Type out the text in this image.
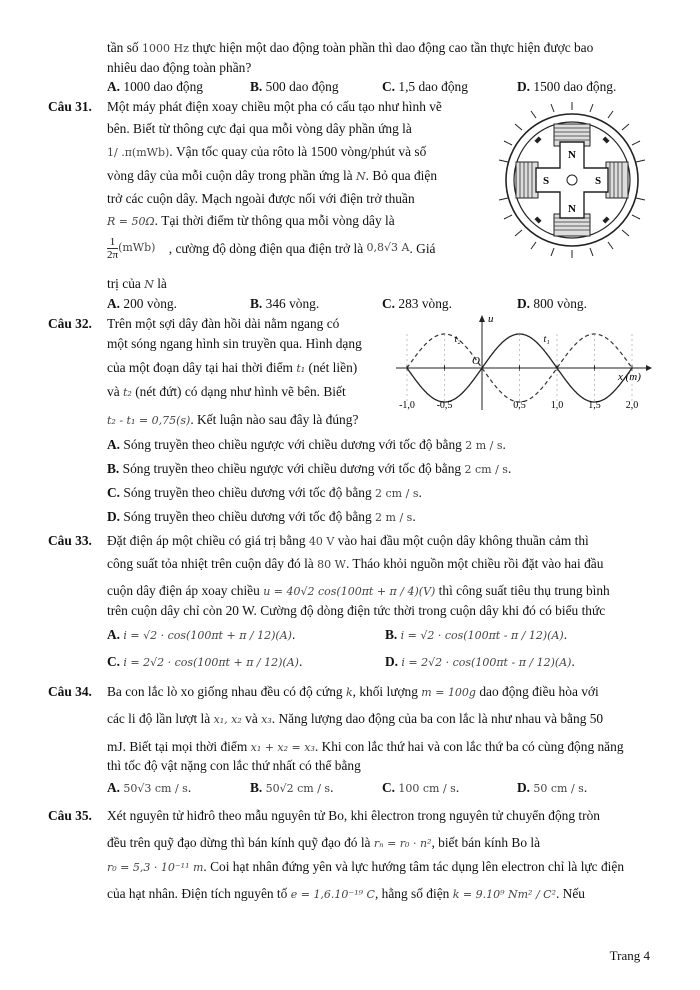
tần số 1000 Hz thực hiện một dao động toàn phần thì dao động cao tần thực hiện được bao
nhiêu dao động toàn phần?
A. 1000 dao động	B. 500 dao động	C. 1,5 dao động	D. 1500 dao động.
Câu 31. Một máy phát điện xoay chiều một pha có cấu tạo như hình vẽ
bên. Biết từ thông cực đại qua mỗi vòng dây phần ứng là
1/ .π(mWb). Vận tốc quay của rôto là 1500 vòng/phút và số
vòng dây của mỗi cuộn dây trong phần ứng là N. Bỏ qua điện
trở các cuộn dây. Mạch ngoài được nối với điện trở thuần
R = 50Ω. Tại thời điểm từ thông qua mỗi vòng dây là
$\frac{1}{2\pi} (mWb)$ , cường độ dòng điện qua điện trở là 0,8√3 A. Giá
trị của N là
A. 200 vòng.	B. 346 vòng.	C. 283 vòng.	D. 800 vòng.
N
N
S	S
Câu 32. Trên một sợi dây đàn hồi dài nằm ngang có
một sóng ngang hình sin truyền qua. Hình dạng
của một đoạn dây tại hai thời điểm t₁ (nét liền)
và t₂ (nét đứt) có dạng như hình vẽ bên. Biết
t₂ - t₁ = 0,75(s). Kết luận nào sau đây là đúng?
A. Sóng truyền theo chiều ngược với chiều dương với tốc độ bằng 2 m / s.
B. Sóng truyền theo chiều ngược với chiều dương với tốc độ bằng 2 cm / s.
C. Sóng truyền theo chiều dương với tốc độ bằng 2 cm / s.
D. Sóng truyền theo chiều dương với tốc độ bằng 2 m / s.
u
x (m)
O
-1,0 -0,5	0,5	1,0	1,5	2,0
t₁
t₂
Câu 33. Đặt điện áp một chiều có giá trị bằng 40 V vào hai đầu một cuộn dây không thuần cảm thì
công suất tỏa nhiệt trên cuộn dây đó là 80 W. Tháo khỏi nguồn một chiều rồi đặt vào hai đầu
cuộn dây điện áp xoay chiều u = 40√2 cos(100πt + π / 4)(V) thì công suất tiêu thụ trung bình
trên cuộn dây chỉ còn 20 W. Cường độ dòng điện tức thời trong cuộn dây khi đó có biểu thức
A. i = √2 · cos(100πt + π / 12)(A).	B. i = √2 · cos(100πt - π / 12)(A).
C. i = 2√2 · cos(100πt + π / 12)(A).	D. i = 2√2 · cos(100πt - π / 12)(A).
Câu 34. Ba con lắc lò xo giống nhau đều có độ cứng k, khối lượng m = 100g dao động điều hòa với
các li độ lần lượt là x₁, x₂ và x₃. Năng lượng dao động của ba con lắc là như nhau và bằng 50
mJ. Biết tại mọi thời điểm x₁ + x₂ = x₃. Khi con lắc thứ hai và con lắc thứ ba có cùng động năng
thì tốc độ vật nặng con lắc thứ nhất có thể bằng
A. 50√3 cm / s.	B. 50√2 cm / s.	C. 100 cm / s.	D. 50 cm / s.
Câu 35. Xét nguyên tử hiđrô theo mẫu nguyên tử Bo, khi êlectron trong nguyên tử chuyển động tròn
đều trên quỹ đạo dừng thì bán kính quỹ đạo đó là rₙ = r₀ · n², biết bán kính Bo là
r₀ = 5,3 · 10⁻¹¹ m. Coi hạt nhân đứng yên và lực hướng tâm tác dụng lên electron chỉ là lực điện
của hạt nhân. Điện tích nguyên tố e = 1,6.10⁻¹⁹ C, hằng số điện k = 9.10⁹ Nm² / C². Nếu
Trang 4
